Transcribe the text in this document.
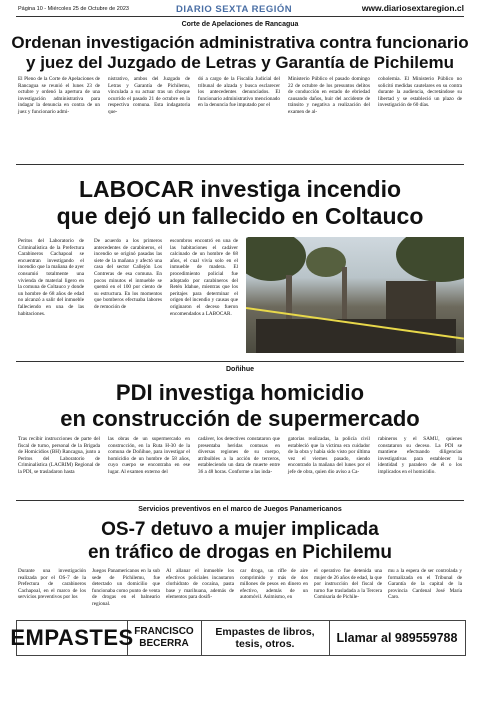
Página 10 - Miércoles 25 de Octubre de 2023	DIARIO SEXTA REGIÓN	www.diariosextaregion.cl
Corte de Apelaciones de Rancagua
Ordenan investigación administrativa contra funcionario
y juez del Juzgado de Letras y Garantía de Pichilemu
El Pleno de la Corte de Apelaciones de Rancagua se reunió el lunes 23 de octubre y ordenó la apertura de una investigación administrativa para indagar la denuncia en contra de un juez y funcionario admi-
nistrativo, ambos del Juzgado de Letras y Garantía de Pichilemu, vinculada a su actuar tras un choque ocurrido el pasado 21 de octubre en la respectiva comuna. Esta indagatoria que-
dó a cargo de la Fiscalía Judicial del tribunal de alzada y busca esclarecer los antecedentes denunciados. El funcionario administrativo mencionado en la denuncia fue imputado por el
Ministerio Público el pasado domingo 22 de octubre de los presuntos delitos de conducción en estado de ebriedad causando daños, huir del accidente de tránsito y negativa a realización del examen de al-
coholemia. El Ministerio Público no solicitó medidas cautelares en su contra durante la audiencia, decretándose su libertad y se estableció un plazo de investigación de 60 días.
LABOCAR investiga incendio
que dejó un fallecido en Coltauco
Peritos del Laboratorio de Criminalística de la Prefectura Carabineros Cachapoal se encuentran investigando el incendio que la mañana de ayer consumió totalmente una vivienda de material ligero en la comuna de Coltauco y donde un hombre de 68 años de edad no alcanzó a salir del inmueble falleciendo en una de las habitaciones.
De acuerdo a los primeros antecedentes de carabineros, el incendio se originó pasadas las siete de la mañana y afectó una casa del sector Callejón Los Contreras de esa comuna. En pocos minutos el inmueble se quemó en el 100 por ciento de su estructura. En los momentos que bomberos efectuaba labores de remoción de
escombros encontró en una de las habitaciones el cadáver calcinado de un hombre de 68 años, el cual vivía solo en el inmueble de madera. El procedimiento policial fue adoptado por carabineros del Retén Idahue, mientras que los peritajes para determinar el origen del incendio y causas que originaron el deceso fueron encomendados a LABOCAR.
Doñihue
PDI investiga homicidio
en construcción de supermercado
Tras recibir instrucciones de parte del fiscal de turno, personal de la Brigada de Homicidios (BH) Rancagua, junto a Peritos del Laboratorio de Criminalística (LACRIM) Regional de la PDI, se trasladaron hasta
las obras de un supermercado en construcción, en la Ruta H-30 de la comuna de Doñihue, para investigar el homicidio de un hombre de 58 años, cuyo cuerpo se encontraba en ese lugar. Al examen externo del
cadáver, los detectives constataron que presentaba heridas contusas en diversas regiones de su cuerpo, atribuibles a la acción de terceros, estableciendo un data de muerte entre 36 a 48 horas. Conforme a las inda-
gatorias realizadas, la policía civil estableció que la víctima era cuidador de la obra y había sido visto por última vez el viernes pasado, siendo encontrado la mañana del lunes por el jefe de obra, quien dio aviso a Ca-
rabineros y el SAMU, quienes constataron su deceso. La PDI se mantiene efectuando diligencias investigativas para establecer la identidad y paradero de él o los implicados en el homicidio.
Servicios preventivos en el marco de Juegos Panamericanos
OS-7 detuvo a mujer implicada
en tráfico de drogas en Pichilemu
Durante una investigación realizada por el OS-7 de la Prefectura de carabineros Cachapoal, en el marco de los servicios preventivos por los
Juegos Panamericanos en la sub sede de Pichilemu, fue detectado un domicilio que funcionaba como punto de venta de drogas en el balneario regional.
Al allanar el inmueble los efectivos policiales incautaron clorhidrato de cocaína, pasta base y marihuana, además de elementos para dosifi-
car droga, un rifle de aire comprimido y más de dos millones de pesos en dinero en efectivo, además de un automóvil. Asimismo, en
el operativo fue detenida una mujer de 26 años de edad, la que por instrucción del fiscal de turno fue trasladada a la Tercera Comisaría de Pichile-
mu a la espera de ser controlada y formalizada en el Tribunal de Garantía de la capital de la provincia Cardenal José María Caro.
EMPASTES FRANCISCO
BECERRA
Empastes de libros,
tesis, otros.	Llamar al 989559788
